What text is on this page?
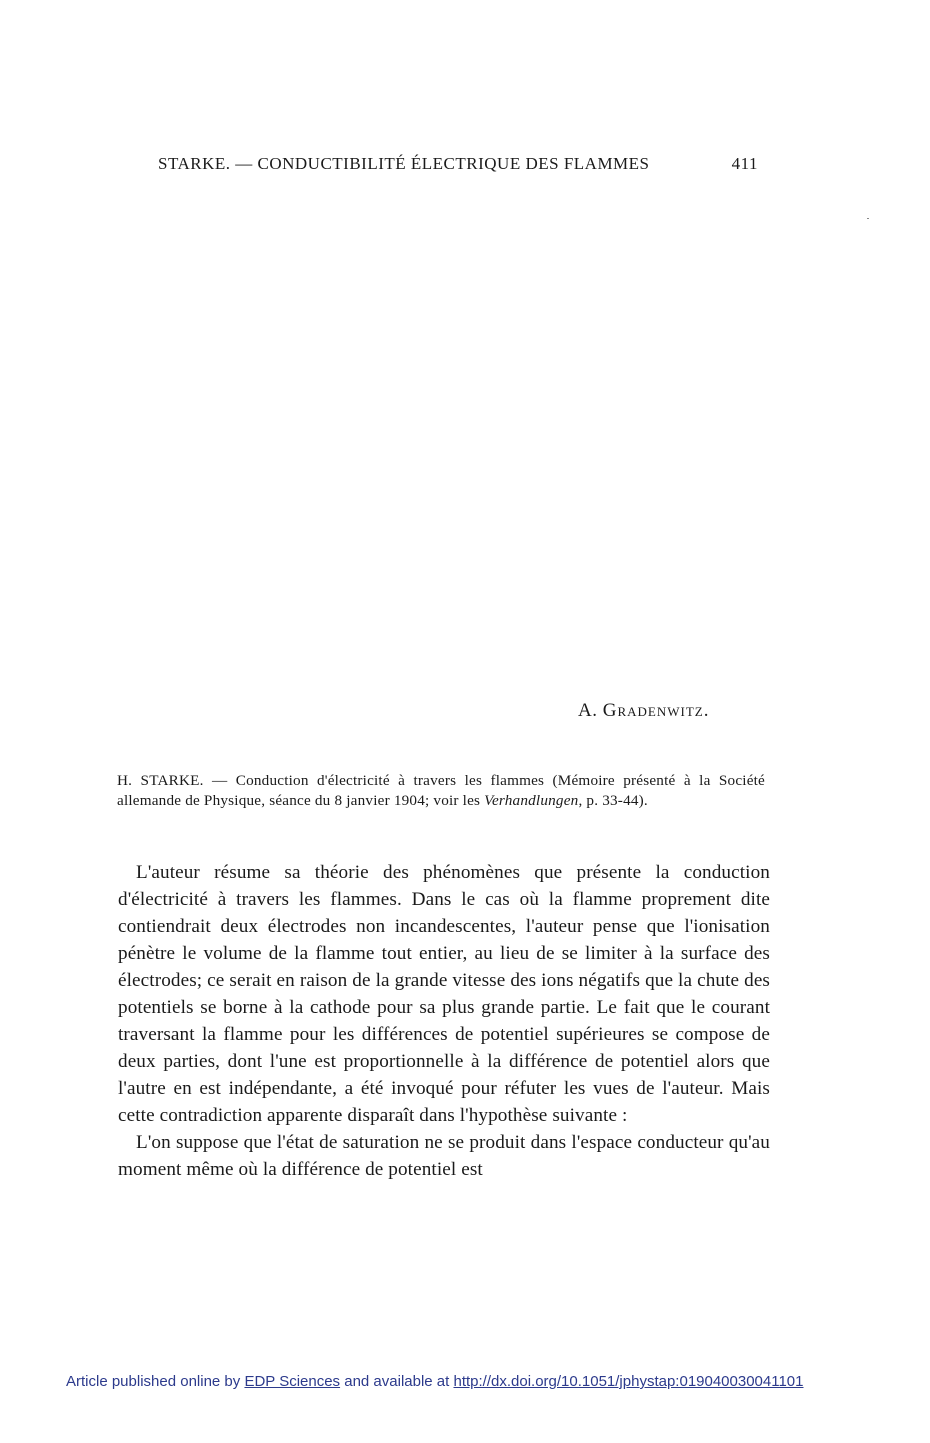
STARKE. — CONDUCTIBILITÉ ÉLECTRIQUE DES FLAMMES	411
A. Gradenwitz.
H. STARKE. — Conduction d'électricité à travers les flammes (Mémoire présenté à la Société allemande de Physique, séance du 8 janvier 1904; voir les Verhandlungen, p. 33-44).

L'auteur résume sa théorie des phénomènes que présente la conduction d'électricité à travers les flammes. Dans le cas où la flamme proprement dite contiendrait deux électrodes non incandescentes, l'auteur pense que l'ionisation pénètre le volume de la flamme tout entier, au lieu de se limiter à la surface des électrodes; ce serait en raison de la grande vitesse des ions négatifs que la chute des potentiels se borne à la cathode pour sa plus grande partie. Le fait que le courant traversant la flamme pour les différences de potentiel supérieures se compose de deux parties, dont l'une est proportionnelle à la différence de potentiel alors que l'autre en est indépendante, a été invoqué pour réfuter les vues de l'auteur. Mais cette contradiction apparente disparaît dans l'hypothèse suivante :

L'on suppose que l'état de saturation ne se produit dans l'espace conducteur qu'au moment même où la différence de potentiel est

Article published online by EDP Sciences and available at http://dx.doi.org/10.1051/jphystap:019040030041101
